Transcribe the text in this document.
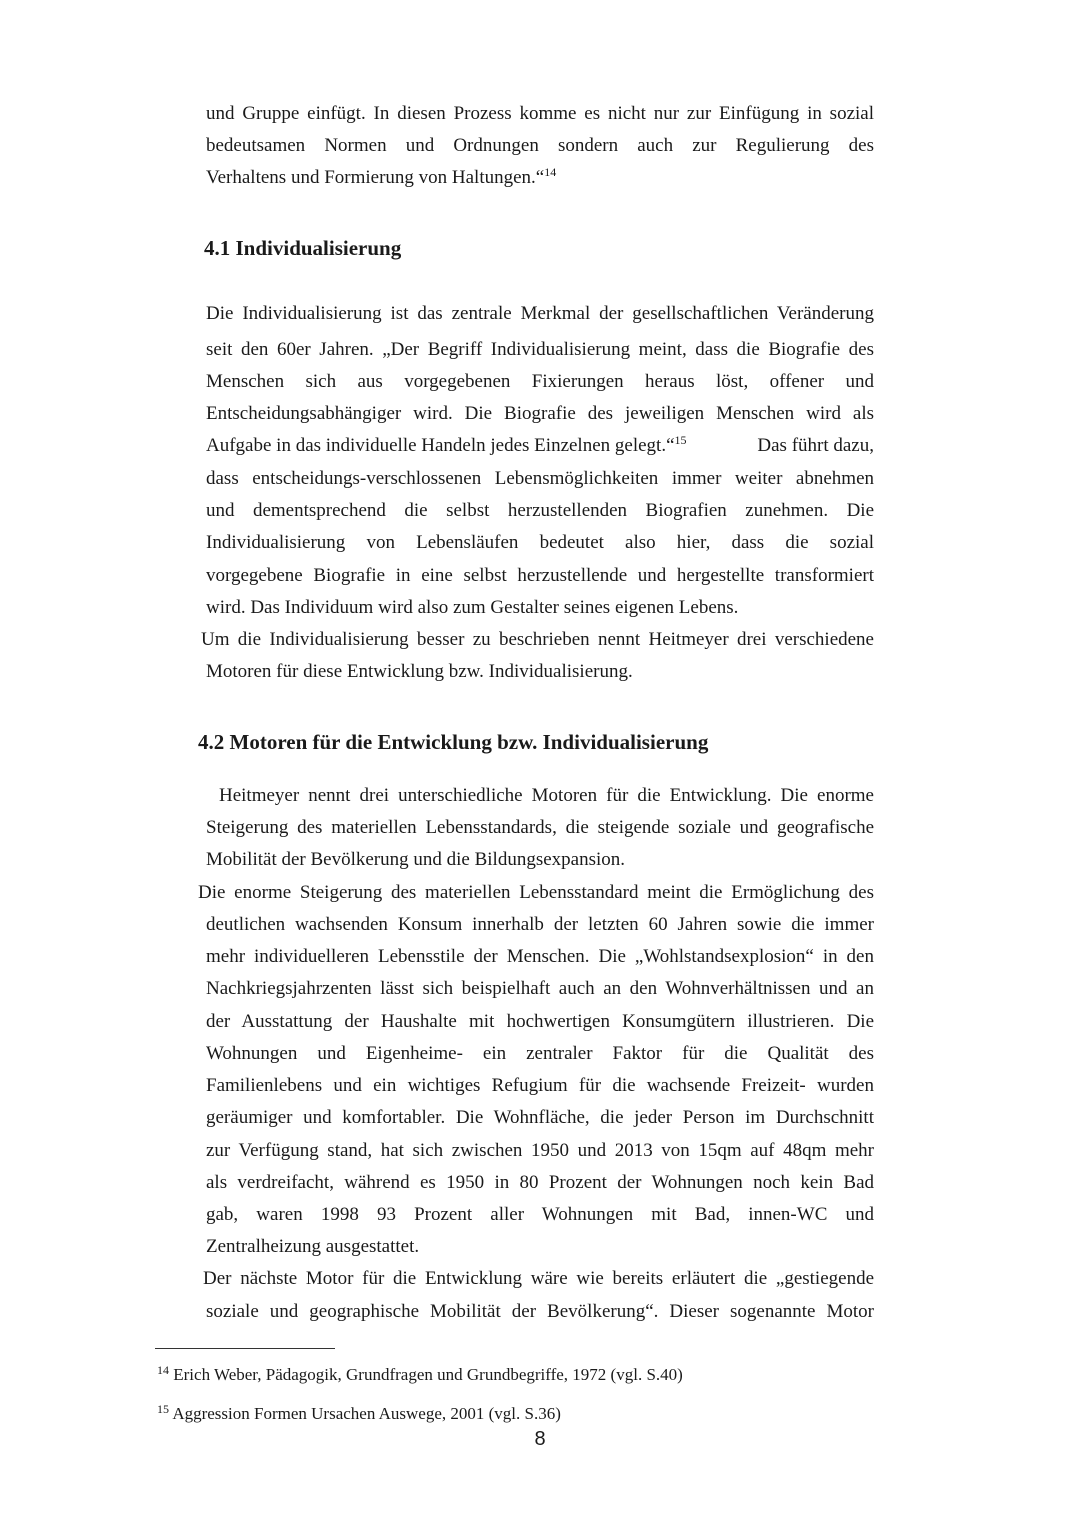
und Gruppe einfügt. In diesen Prozess komme es nicht nur zur Einfügung in sozial
bedeutsamen Normen und Ordnungen sondern auch zur Regulierung des
Verhaltens und Formierung von Haltungen.“$^{14}$
4.1 Individualisierung
Die Individualisierung ist das zentrale Merkmal der gesellschaftlichen Veränderung
seit den 60er Jahren. „Der Begriff Individualisierung meint, dass die Biografie des
Menschen sich aus vorgegebenen Fixierungen heraus löst, offener und
Entscheidungsabhängiger wird. Die Biografie des jeweiligen Menschen wird als
Aufgabe in das individuelle Handeln jedes Einzelnen gelegt.“$^{15}$	Das führt dazu,
dass entscheidungs-verschlossenen Lebensmöglichkeiten immer weiter abnehmen
und dementsprechend die selbst herzustellenden Biografien zunehmen. Die
Individualisierung von Lebensläufen bedeutet also hier, dass die sozial
vorgegebene Biografie in eine selbst herzustellende und hergestellte transformiert
wird. Das Individuum wird also zum Gestalter seines eigenen Lebens.
Um die Individualisierung besser zu beschrieben nennt Heitmeyer drei verschiedene
Motoren für diese Entwicklung bzw. Individualisierung.
4.2 Motoren für die Entwicklung bzw. Individualisierung
Heitmeyer nennt drei unterschiedliche Motoren für die Entwicklung. Die enorme
Steigerung des materiellen Lebensstandards, die steigende soziale und geografische
Mobilität der Bevölkerung und die Bildungsexpansion.
Die enorme Steigerung des materiellen Lebensstandard meint die Ermöglichung des
deutlichen wachsenden Konsum innerhalb der letzten 60 Jahren sowie die immer
mehr individuelleren Lebensstile der Menschen. Die „Wohlstandsexplosion“ in den
Nachkriegsjahrzenten lässt sich beispielhaft auch an den Wohnverhältnissen und an
der Ausstattung der Haushalte mit hochwertigen Konsumgütern illustrieren. Die
Wohnungen und Eigenheime- ein zentraler Faktor für die Qualität des
Familienlebens und ein wichtiges Refugium für die wachsende Freizeit- wurden
geräumiger und komfortabler. Die Wohnfläche, die jeder Person im Durchschnitt
zur Verfügung stand, hat sich zwischen 1950 und 2013 von 15qm auf 48qm mehr
als verdreifacht, während es 1950 in 80 Prozent der Wohnungen noch kein Bad
gab, waren 1998 93 Prozent aller Wohnungen mit Bad, innen-WC und
Zentralheizung ausgestattet.
Der nächste Motor für die Entwicklung wäre wie bereits erläutert die „gestiegende
soziale und geographische Mobilität der Bevölkerung“. Dieser sogenannte Motor
$^{14}$ Erich Weber, Pädagogik, Grundfragen und Grundbegriffe, 1972 (vgl. S.40)
$^{15}$ Aggression Formen Ursachen Auswege, 2001 (vgl. S.36)
8
